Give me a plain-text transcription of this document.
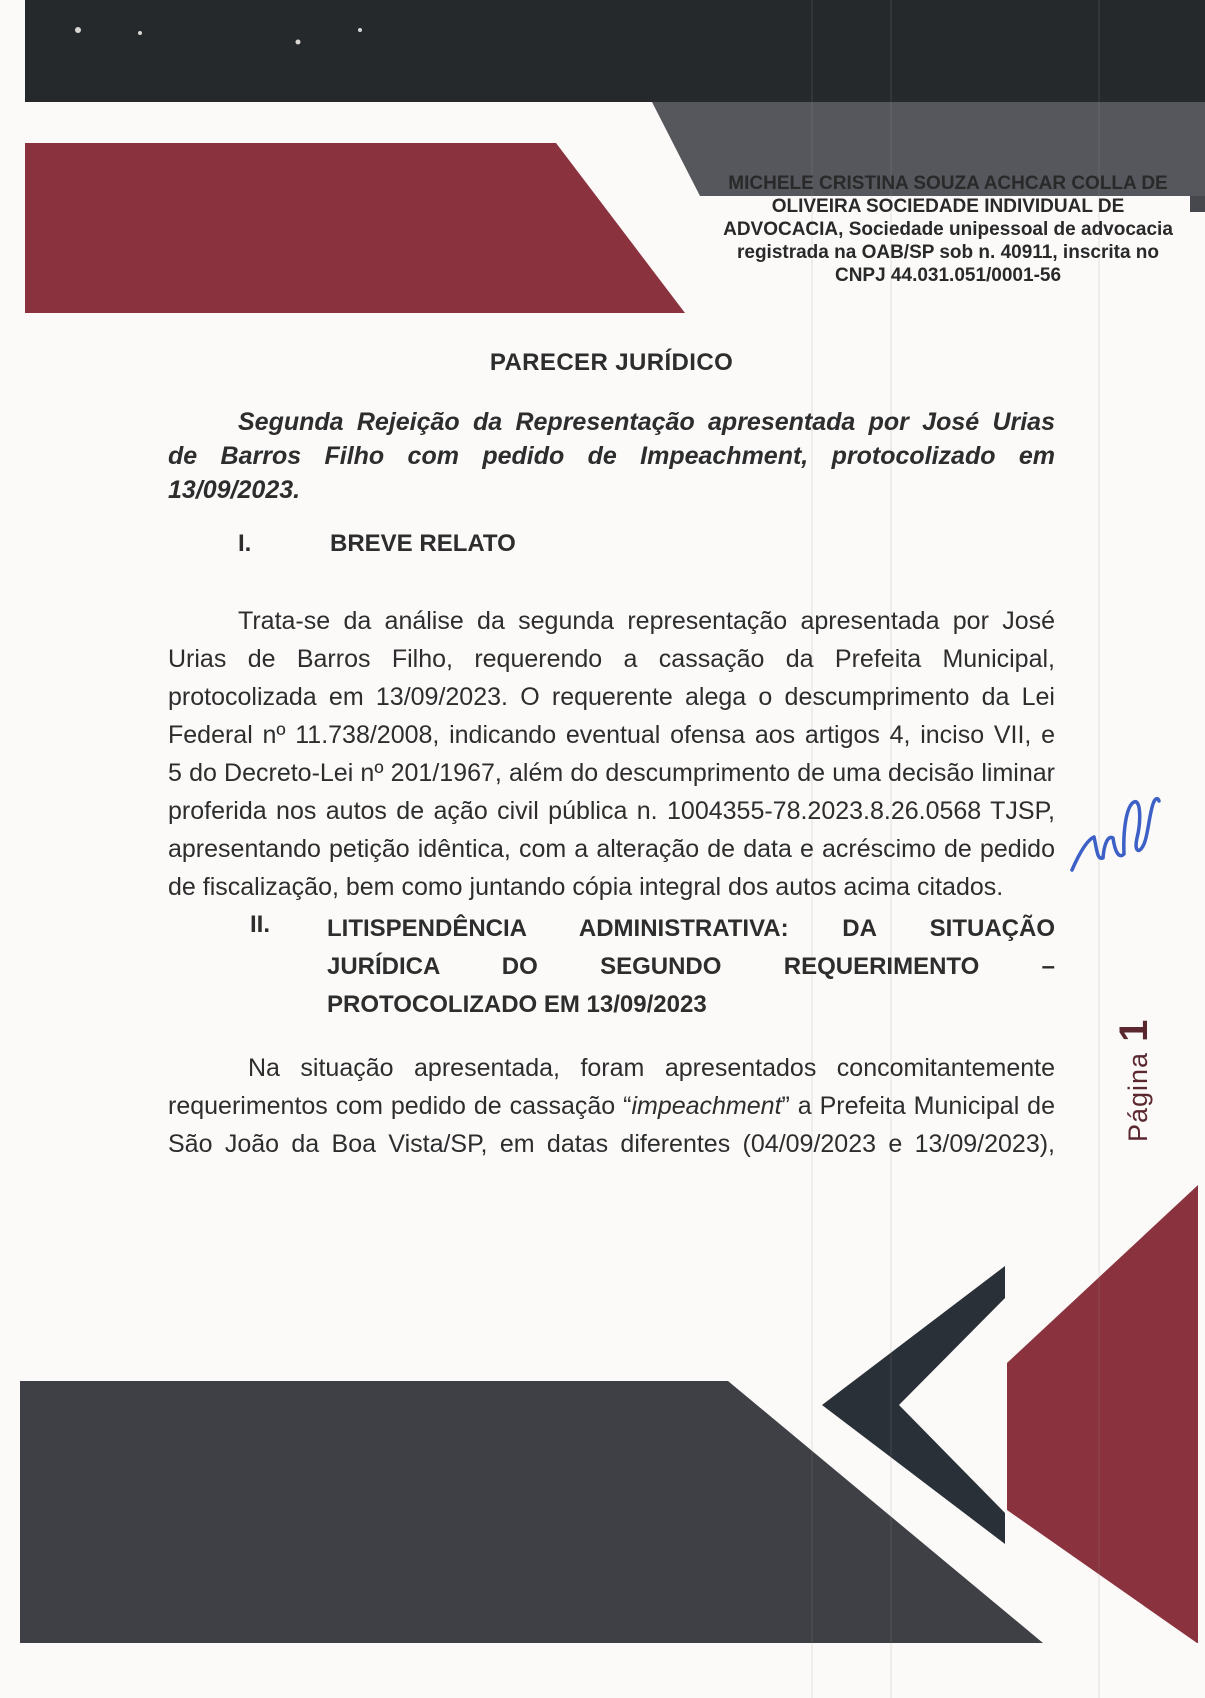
MICHELE CRISTINA SOUZA ACHCAR COLLA DE
OLIVEIRA SOCIEDADE INDIVIDUAL DE
ADVOCACIA, Sociedade unipessoal de advocacia
registrada na OAB/SP sob n. 40911, inscrita no
CNPJ 44.031.051/0001-56
PARECER JURÍDICO
Segunda Rejeição da Representação apresentada por José Urias
de Barros Filho com pedido de Impeachment, protocolizado em
13/09/2023.
I.	BREVE RELATO
Trata-se da análise da segunda representação apresentada por José
Urias de Barros Filho, requerendo a cassação da Prefeita Municipal,
protocolizada em 13/09/2023. O requerente alega o descumprimento da Lei
Federal nº 11.738/2008, indicando eventual ofensa aos artigos 4, inciso VII, e
5 do Decreto-Lei nº 201/1967, além do descumprimento de uma decisão liminar
proferida nos autos de ação civil pública n. 1004355-78.2023.8.26.0568 TJSP,
apresentando petição idêntica, com a alteração de data e acréscimo de pedido
de fiscalização, bem como juntando cópia integral dos autos acima citados.
II. LITISPENDÊNCIA ADMINISTRATIVA: DA SITUAÇÃO
JURÍDICA DO SEGUNDO REQUERIMENTO –
PROTOCOLIZADO EM 13/09/2023
Na situação apresentada, foram apresentados concomitantemente
requerimentos com pedido de cassação “impeachment” a Prefeita Municipal de
São João da Boa Vista/SP, em datas diferentes (04/09/2023 e 13/09/2023),
Página1
